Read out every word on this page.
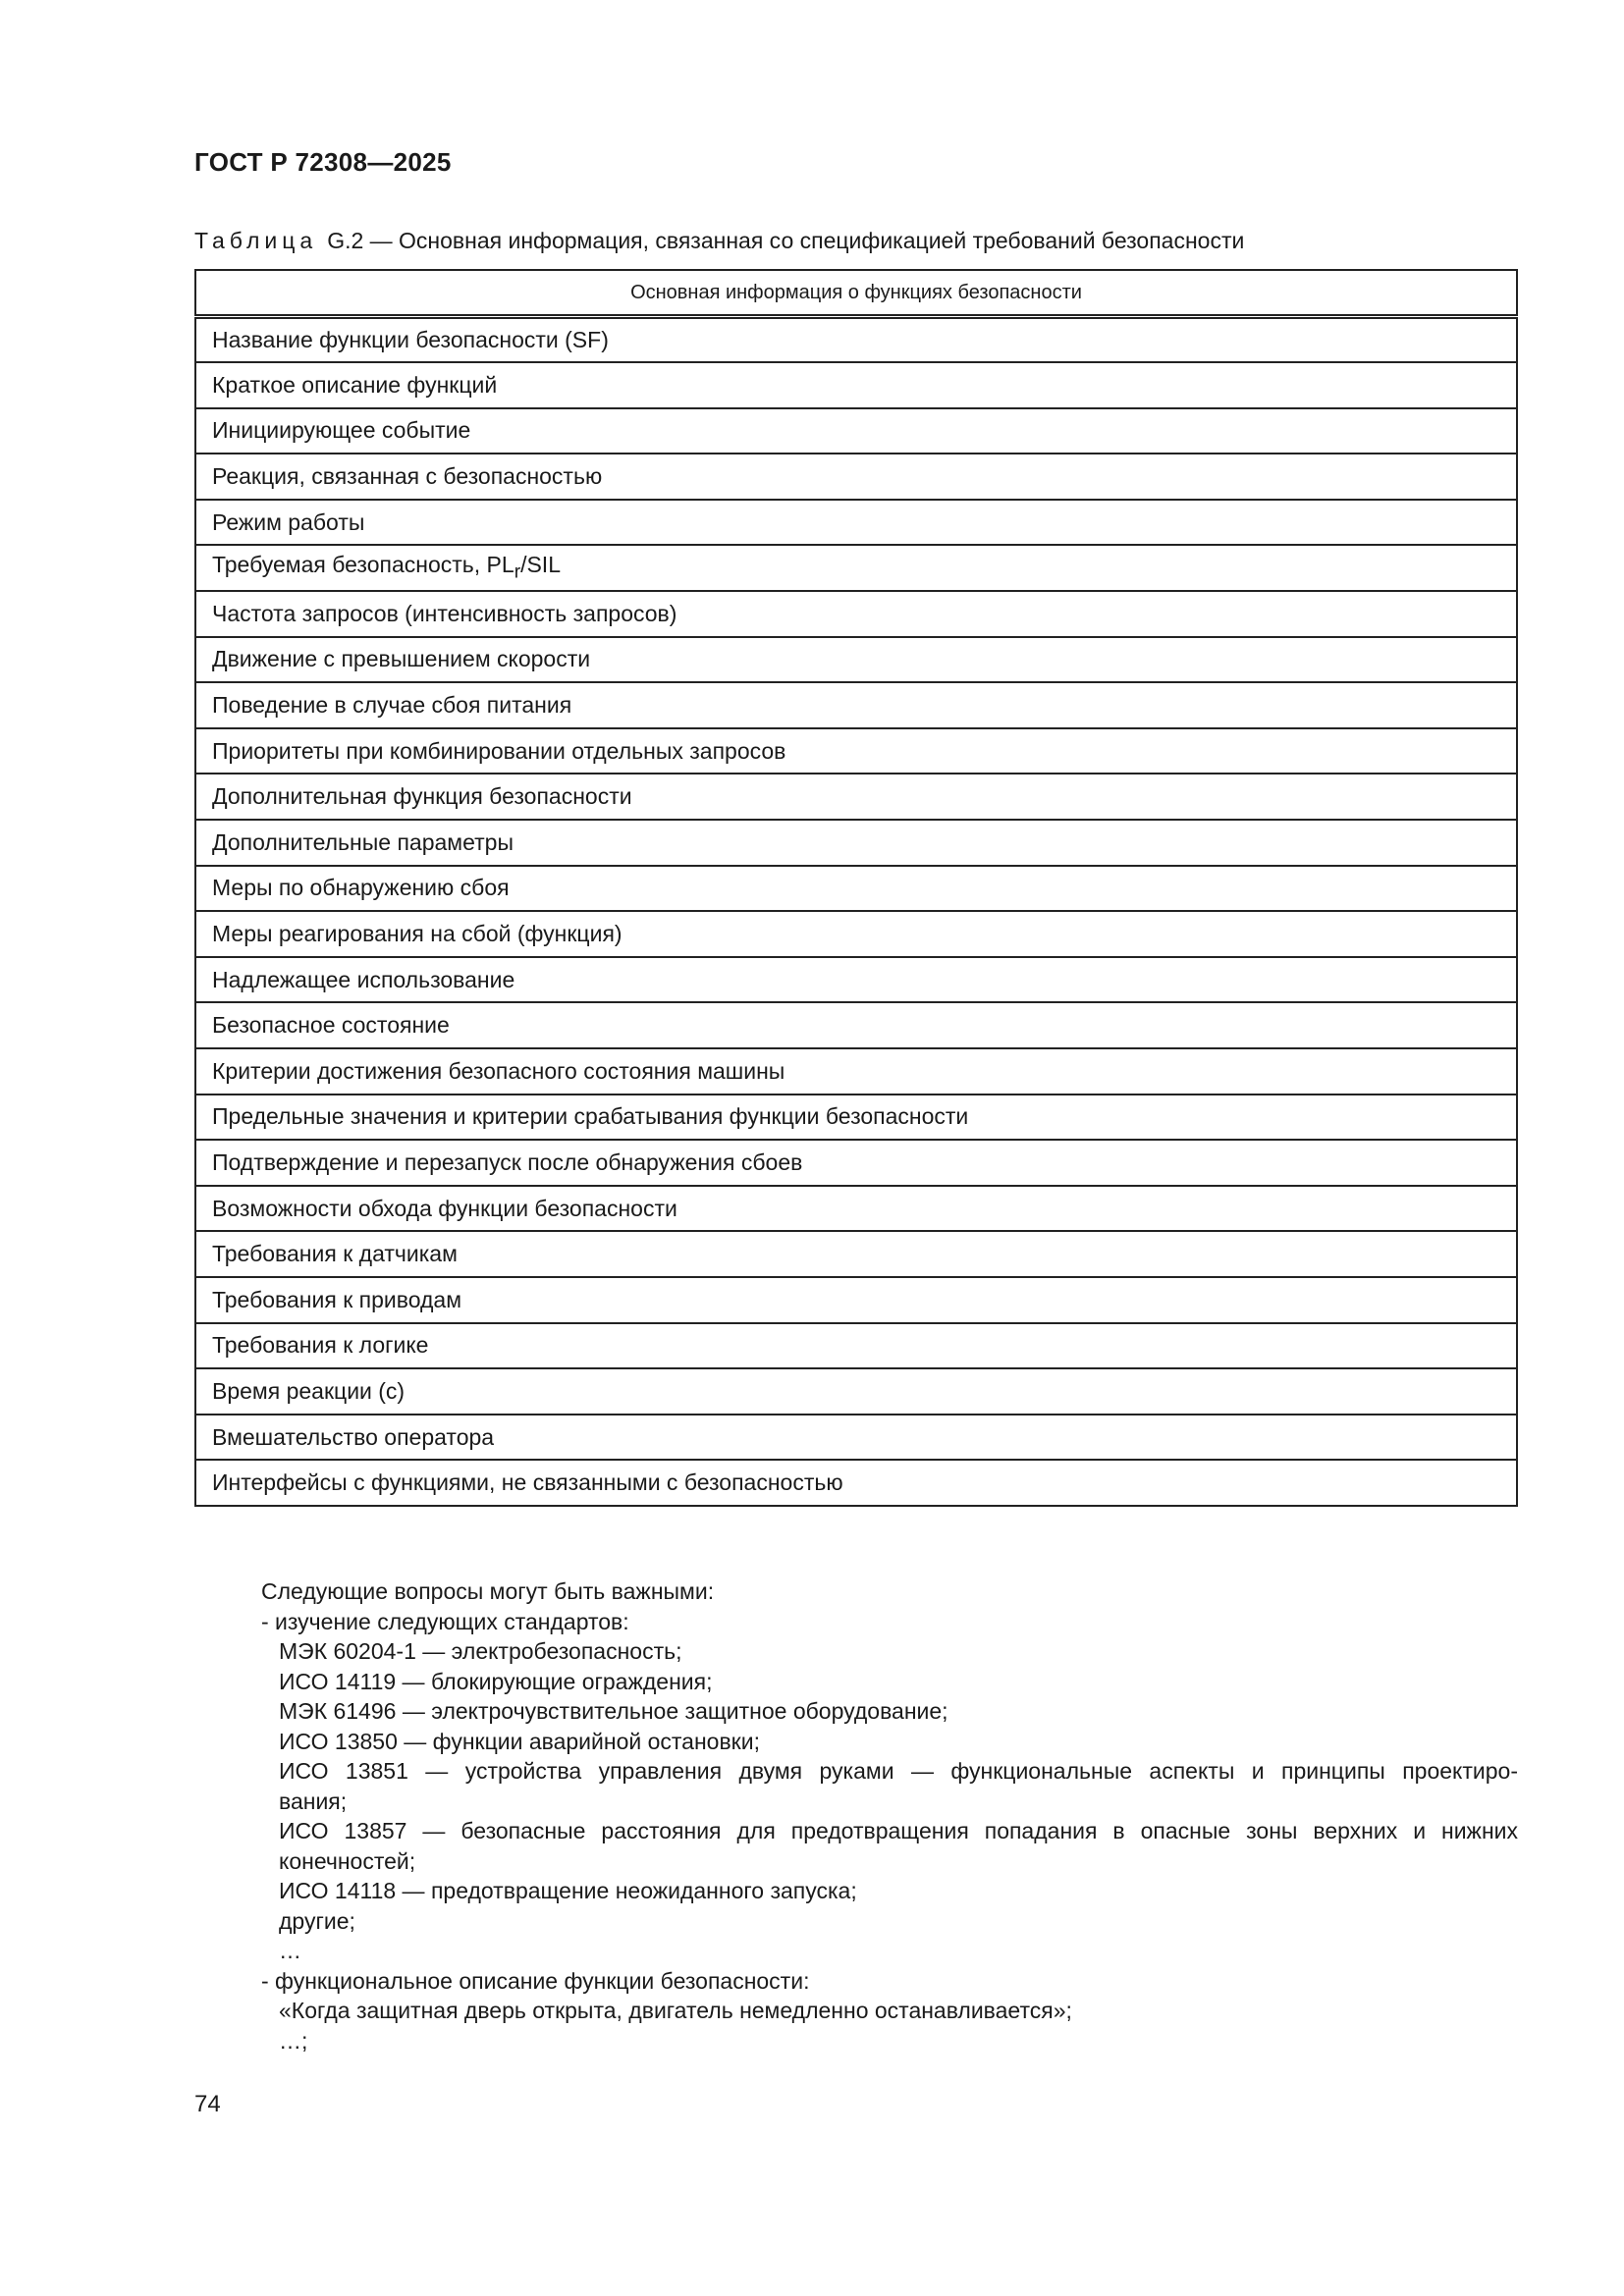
ГОСТ Р 72308—2025
Таблица G.2 — Основная информация, связанная со спецификацией требований безопасности
Основная информация о функциях безопасности
Название функции безопасности (SF)
Краткое описание функций
Инициирующее событие
Реакция, связанная с безопасностью
Режим работы
Требуемая безопасность, $PL_r$/SIL
Частота запросов (интенсивность запросов)
Движение с превышением скорости
Поведение в случае сбоя питания
Приоритеты при комбинировании отдельных запросов
Дополнительная функция безопасности
Дополнительные параметры
Меры по обнаружению сбоя
Меры реагирования на сбой (функция)
Надлежащее использование
Безопасное состояние
Критерии достижения безопасного состояния машины
Предельные значения и критерии срабатывания функции безопасности
Подтверждение и перезапуск после обнаружения сбоев
Возможности обхода функции безопасности
Требования к датчикам
Требования к приводам
Требования к логике
Время реакции (с)
Вмешательство оператора
Интерфейсы с функциями, не связанными с безопасностью

Следующие вопросы могут быть важными:

- изучение следующих стандартов:

МЭК 60204-1 — электробезопасность;

ИСО 14119 — блокирующие ограждения;

МЭК 61496 — электрочувствительное защитное оборудование;

ИСО 13850 — функции аварийной остановки;

ИСО 13851 — устройства управления двумя руками — функциональные аспекты и принципы проектиро-

вания;

ИСО 13857 — безопасные расстояния для предотвращения попадания в опасные зоны верхних и нижних

конечностей;

ИСО 14118 — предотвращение неожиданного запуска;

другие;

…

- функциональное описание функции безопасности:

«Когда защитная дверь открыта, двигатель немедленно останавливается»;

…;

74
